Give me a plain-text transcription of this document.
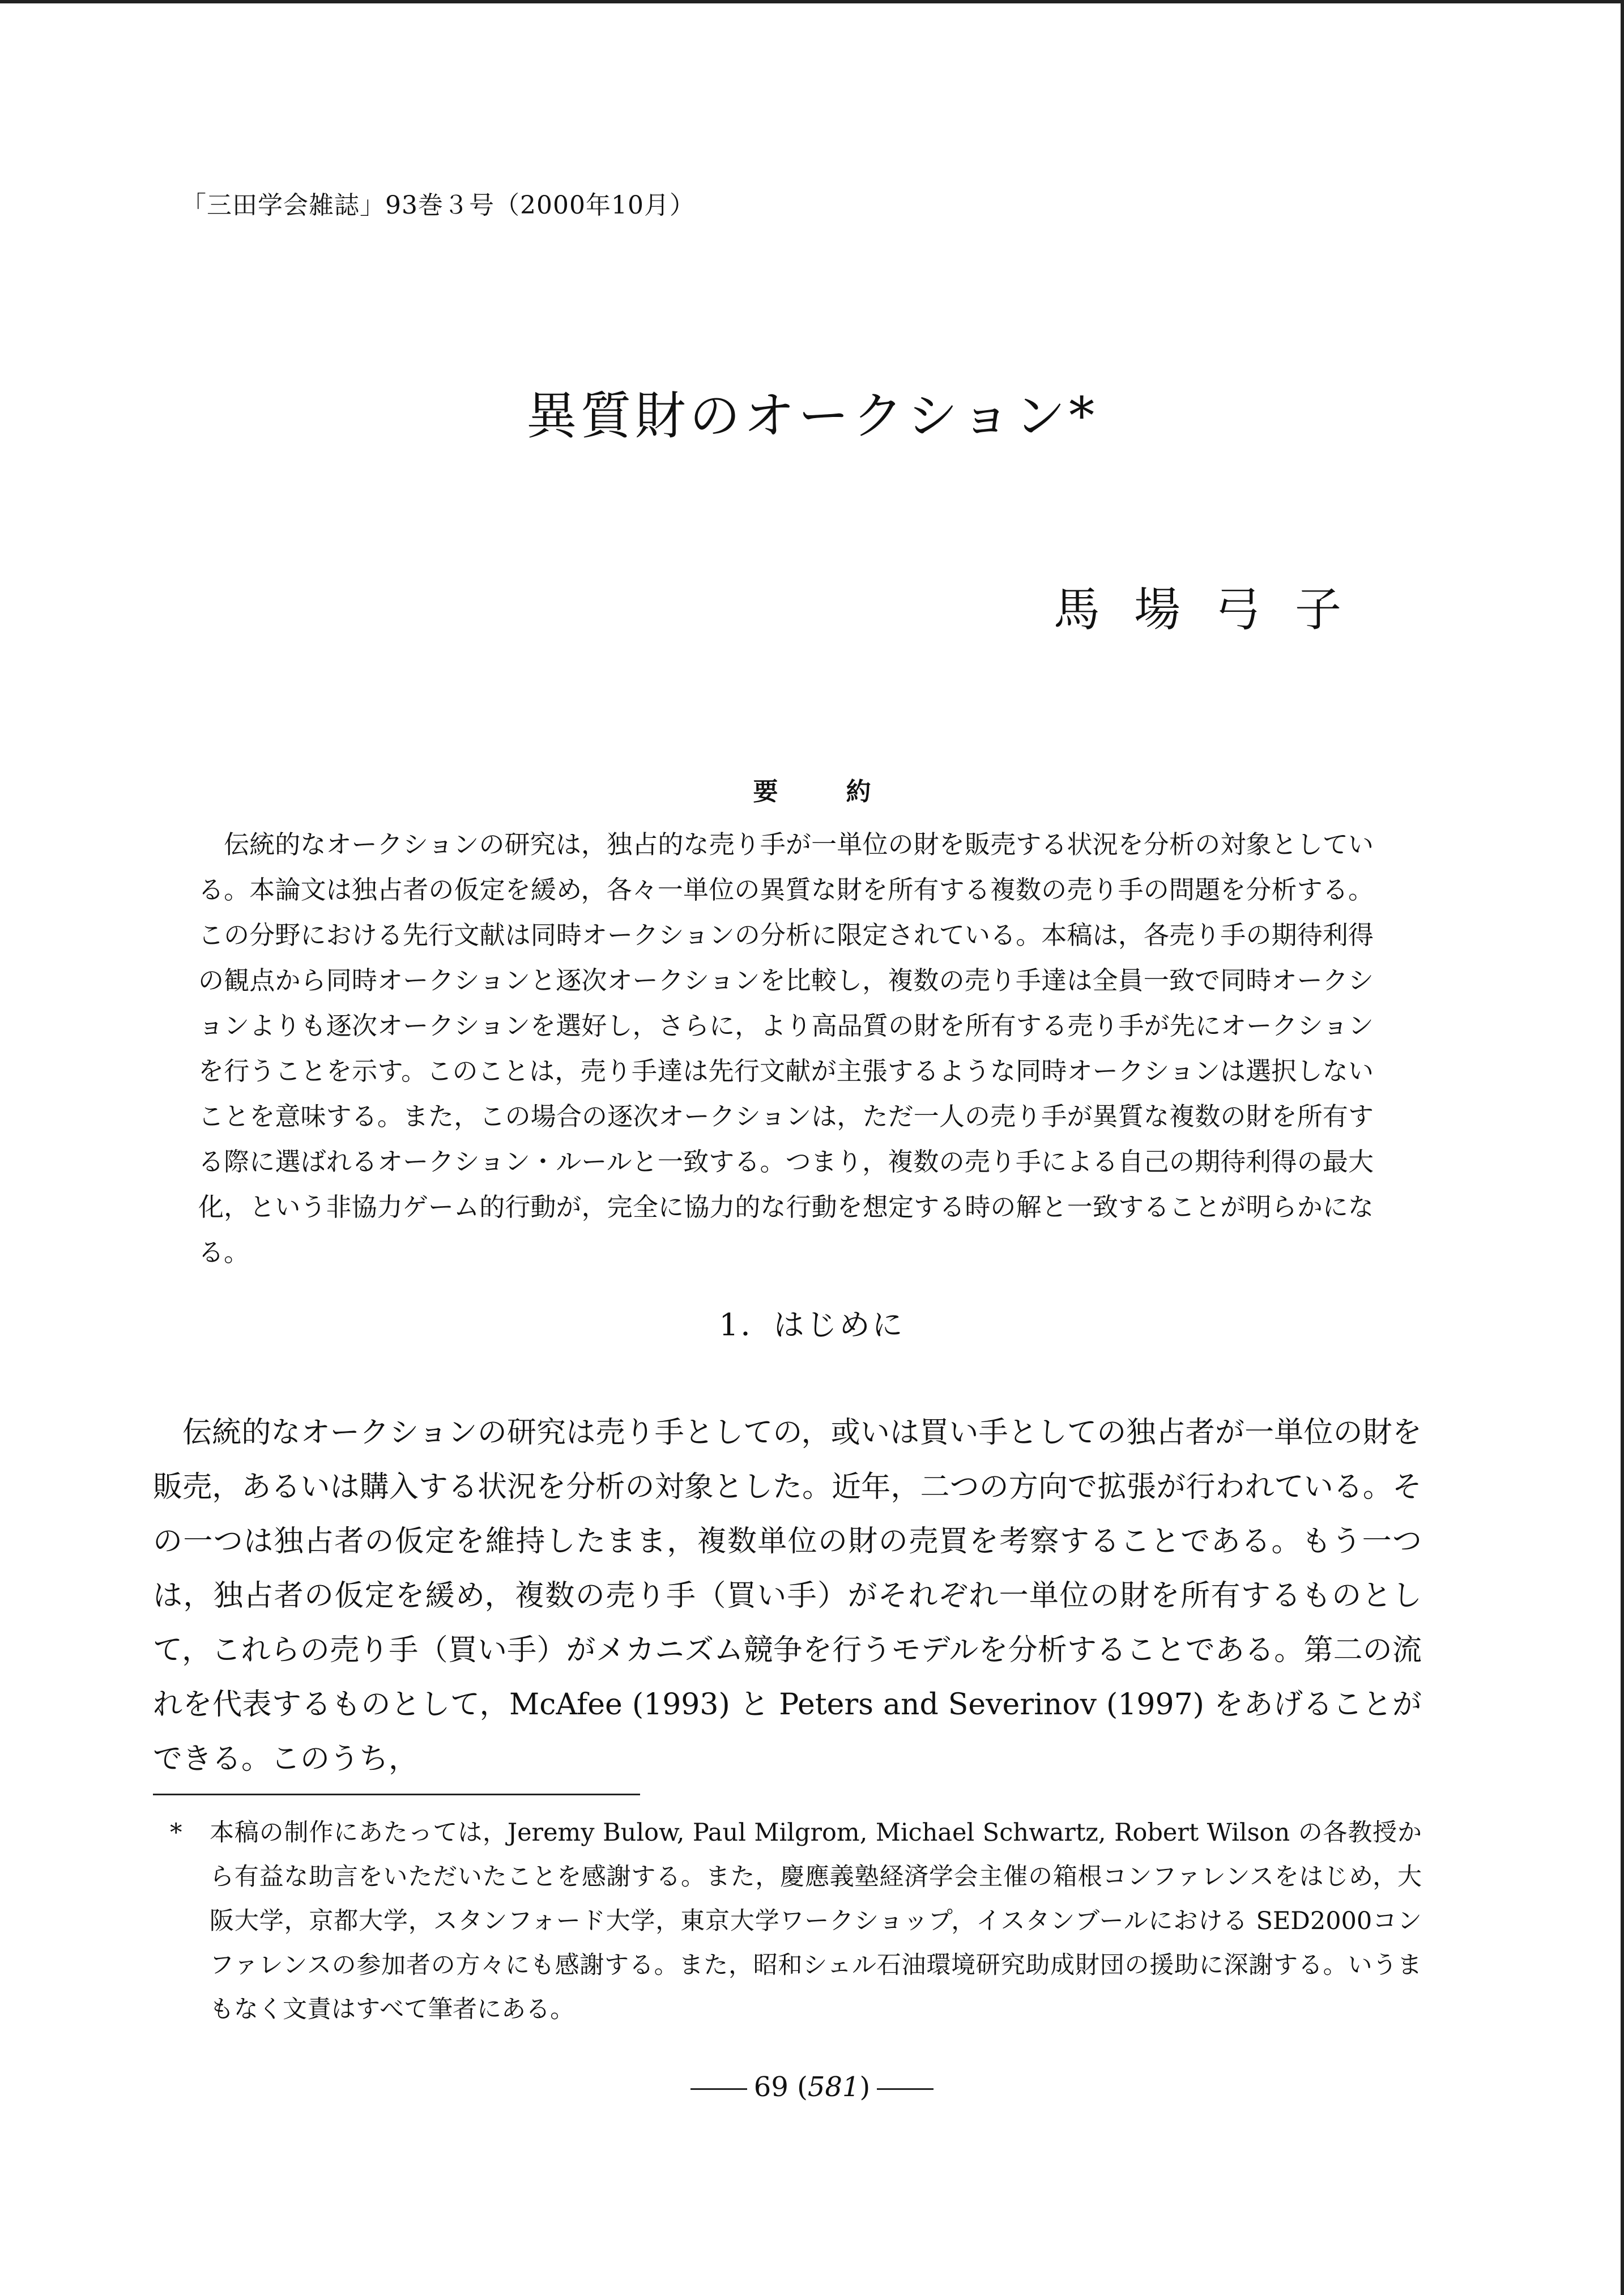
「三田学会雑誌」93巻３号（2000年10月）
異質財のオークション*
馬場弓子
要約

伝統的なオークションの研究は，独占的な売り手が一単位の財を販売する状況を分析の対象としている。本論文は独占者の仮定を緩め，各々一単位の異質な財を所有する複数の売り手の問題を分析する。この分野における先行文献は同時オークションの分析に限定されている。本稿は，各売り手の期待利得の観点から同時オークションと逐次オークションを比較し，複数の売り手達は全員一致で同時オークションよりも逐次オークションを選好し，さらに，より高品質の財を所有する売り手が先にオークションを行うことを示す。このことは，売り手達は先行文献が主張するような同時オークションは選択しないことを意味する。また，この場合の逐次オークションは，ただ一人の売り手が異質な複数の財を所有する際に選ばれるオークション・ルールと一致する。つまり，複数の売り手による自己の期待利得の最大化，という非協力ゲーム的行動が，完全に協力的な行動を想定する時の解と一致することが明らかになる。

1．はじめに

伝統的なオークションの研究は売り手としての，或いは買い手としての独占者が一単位の財を販売，あるいは購入する状況を分析の対象とした。近年，二つの方向で拡張が行われている。その一つは独占者の仮定を維持したまま，複数単位の財の売買を考察することである。もう一つは，独占者の仮定を緩め，複数の売り手（買い手）がそれぞれ一単位の財を所有するものとして，これらの売り手（買い手）がメカニズム競争を行うモデルを分析することである。第二の流れを代表するものとして，McAfee (1993) と Peters and Severinov (1997) をあげることができる。このうち，

* 本稿の制作にあたっては，Jeremy Bulow, Paul Milgrom, Michael Schwartz, Robert Wilson の各教授から有益な助言をいただいたことを感謝する。また，慶應義塾経済学会主催の箱根コンファレンスをはじめ，大阪大学，京都大学，スタンフォード大学，東京大学ワークショップ，イスタンブールにおける SED2000コンファレンスの参加者の方々にも感謝する。また，昭和シェル石油環境研究助成財団の援助に深謝する。いうまもなく文責はすべて筆者にある。
69 (581)
